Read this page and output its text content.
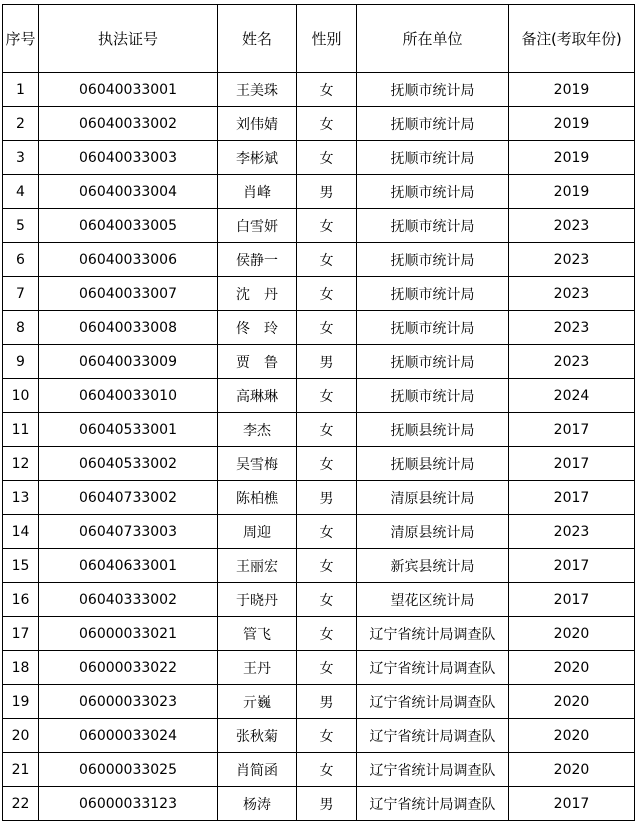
序号	执法证号	姓名	性别	所在单位	备注(考取年份)
1	06040033001	王美珠	女	抚顺市统计局	2019
2	06040033002	刘伟婧	女	抚顺市统计局	2019
3	06040033003	李彬斌	女	抚顺市统计局	2019
4	06040033004	肖峰	男	抚顺市统计局	2019
5	06040033005	白雪妍	女	抚顺市统计局	2023
6	06040033006	侯静一	女	抚顺市统计局	2023
7	06040033007	沈　丹	女	抚顺市统计局	2023
8	06040033008	佟　玲	女	抚顺市统计局	2023
9	06040033009	贾　鲁	男	抚顺市统计局	2023
10	06040033010	高琳琳	女	抚顺市统计局	2024
11	06040533001	李杰	女	抚顺县统计局	2017
12	06040533002	吴雪梅	女	抚顺县统计局	2017
13	06040733002	陈柏樵	男	清原县统计局	2017
14	06040733003	周迎	女	清原县统计局	2023
15	06040633001	王丽宏	女	新宾县统计局	2017
16	06040333002	于晓丹	女	望花区统计局	2017
17	06000033021	管飞	女	辽宁省统计局调查队	2020
18	06000033022	王丹	女	辽宁省统计局调查队	2020
19	06000033023	亓巍	男	辽宁省统计局调查队	2020
20	06000033024	张秋菊	女	辽宁省统计局调查队	2020
21	06000033025	肖简函	女	辽宁省统计局调查队	2020
22	06000033123	杨涛	男	辽宁省统计局调查队	2017
